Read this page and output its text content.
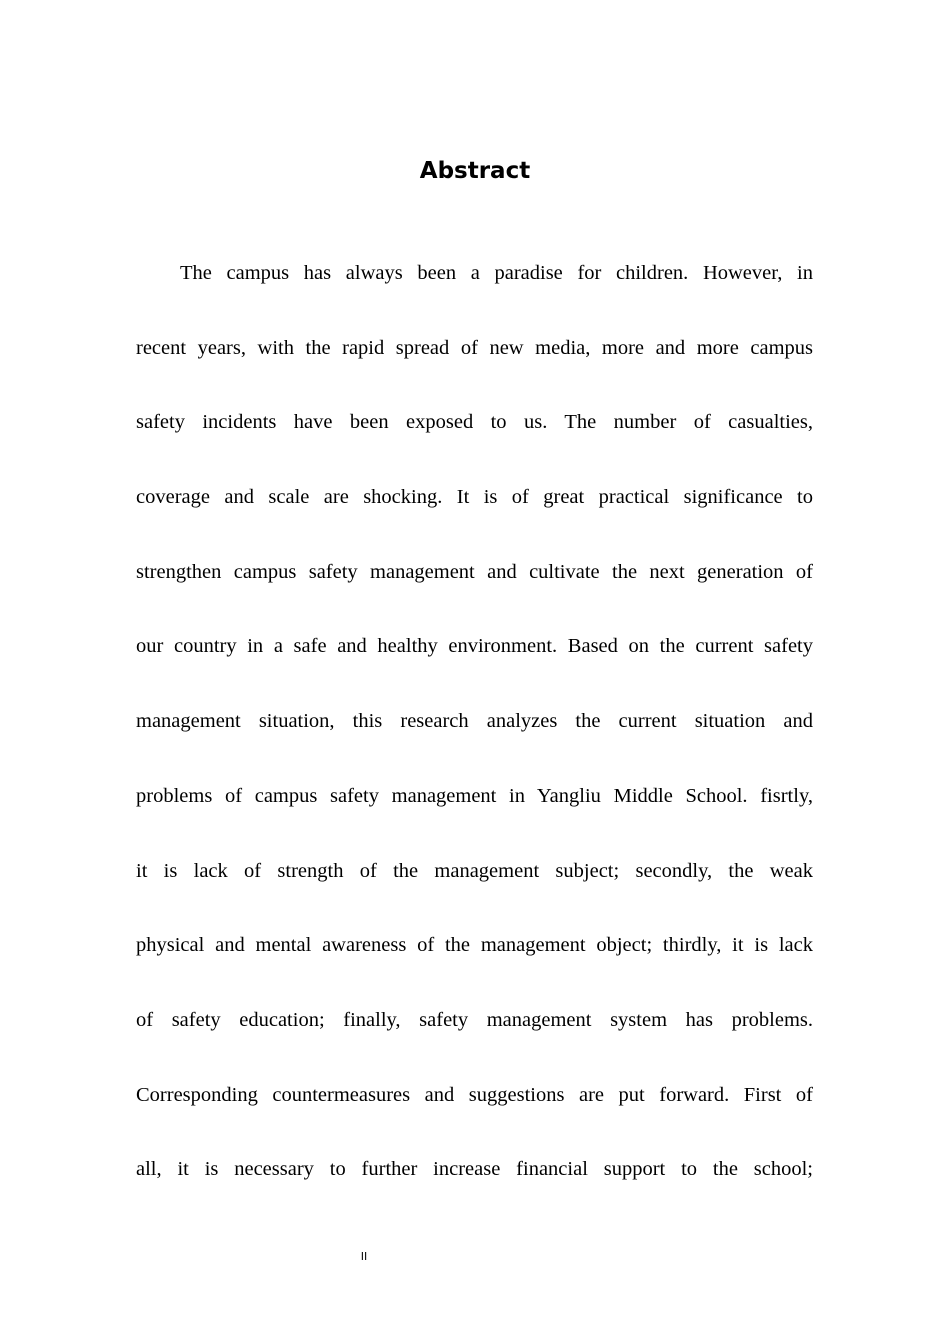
Abstract
The campus has always been a paradise for children. However, in
recent years, with the rapid spread of new media, more and more campus
safety incidents have been exposed to us. The number of casualties,
coverage and scale are shocking. It is of great practical significance to
strengthen campus safety management and cultivate the next generation of
our country in a safe and healthy environment. Based on the current safety
management situation, this research analyzes the current situation and
problems of campus safety management in Yangliu Middle School. fisrtly,
it is lack of strength of the management subject; secondly, the weak
physical and mental awareness of the management object; thirdly, it is lack
of safety education; finally, safety management system has problems.
Corresponding countermeasures and suggestions are put forward. First of
all, it is necessary to further increase financial support to the school;
II
